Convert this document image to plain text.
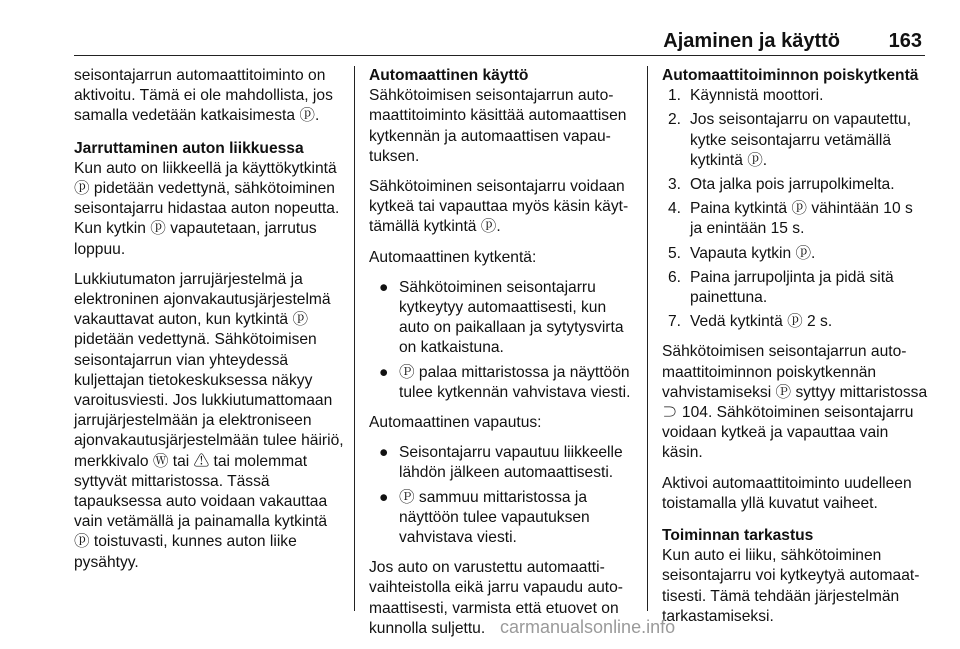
Ajaminen ja käyttö 163

seisontajarrun automaattitoiminto on aktivoitu. Tämä ei ole mahdollista, jos samalla vedetään katkaisimesta ⓟ.

Jarruttaminen auton liikkuessa

Kun auto on liikkeellä ja käyttökytkintä ⓟ pidetään vedettynä, sähkötoiminen seisontajarru hidastaa auton nopeutta. Kun kytkin ⓟ vapautetaan, jarrutus loppuu.

Lukkiutumaton jarrujärjestelmä ja elektroninen ajonvakautusjärjestelmä vakauttavat auton, kun kytkintä ⓟ pidetään vedettynä. Sähkötoimisen seisontajarrun vian yhteydessä kuljettajan tietokeskuksessa näkyy varoitusviesti. Jos lukkiutumattomaan jarrujärjestelmään ja elektroniseen ajonvakautusjärjestelmään tulee häiriö, merkkivalo Ⓦ tai ⚠ tai molemmat syttyvät mittaristossa. Tässä tapauksessa auto voidaan vakauttaa vain vetämällä ja painamalla kytkintä ⓟ toistuvasti, kunnes auton liike pysähtyy.

Automaattinen käyttö

Sähkötoimisen seisontajarrun automaattitoiminto käsittää automaattisen kytkennän ja automaattisen vapautuksen.

Sähkötoiminen seisontajarru voidaan kytkeä tai vapauttaa myös käsin käyttämällä kytkintä ⓟ.

Automaattinen kytkentä:

● Sähkötoiminen seisontajarru kytkeytyy automaattisesti, kun auto on paikallaan ja sytytysvirta on katkaistuna.
● Ⓟ palaa mittaristossa ja näyttöön tulee kytkennän vahvistava viesti.

Automaattinen vapautus:

● Seisontajarru vapautuu liikkeelle lähdön jälkeen automaattisesti.
● Ⓟ sammuu mittaristossa ja näyttöön tulee vapautuksen vahvistava viesti.

Jos auto on varustettu automaattivaihteistolla eikä jarru vapaudu automaattisesti, varmista että etuovet on kunnolla suljettu.

Automaattitoiminnon poiskytkentä

1. Käynnistä moottori.
2. Jos seisontajarru on vapautettu, kytke seisontajarru vetämällä kytkintä ⓟ.
3. Ota jalka pois jarrupolkimelta.
4. Paina kytkintä ⓟ vähintään 10 s ja enintään 15 s.
5. Vapauta kytkin ⓟ.
6. Paina jarrupoljinta ja pidä sitä painettuna.
7. Vedä kytkintä ⓟ 2 s.

Sähkötoimisen seisontajarrun automaattitoiminnon poiskytkennän vahvistamiseksi Ⓟ syttyy mittaristossa ⊃ 104. Sähkötoiminen seisontajarru voidaan kytkeä ja vapauttaa vain käsin.

Aktivoi automaattitoiminto uudelleen toistamalla yllä kuvatut vaiheet.

Toiminnan tarkastus

Kun auto ei liiku, sähkötoiminen seisontajarru voi kytkeytyä automaattisesti. Tämä tehdään järjestelmän tarkastamiseksi.

carmanualsonline.info
